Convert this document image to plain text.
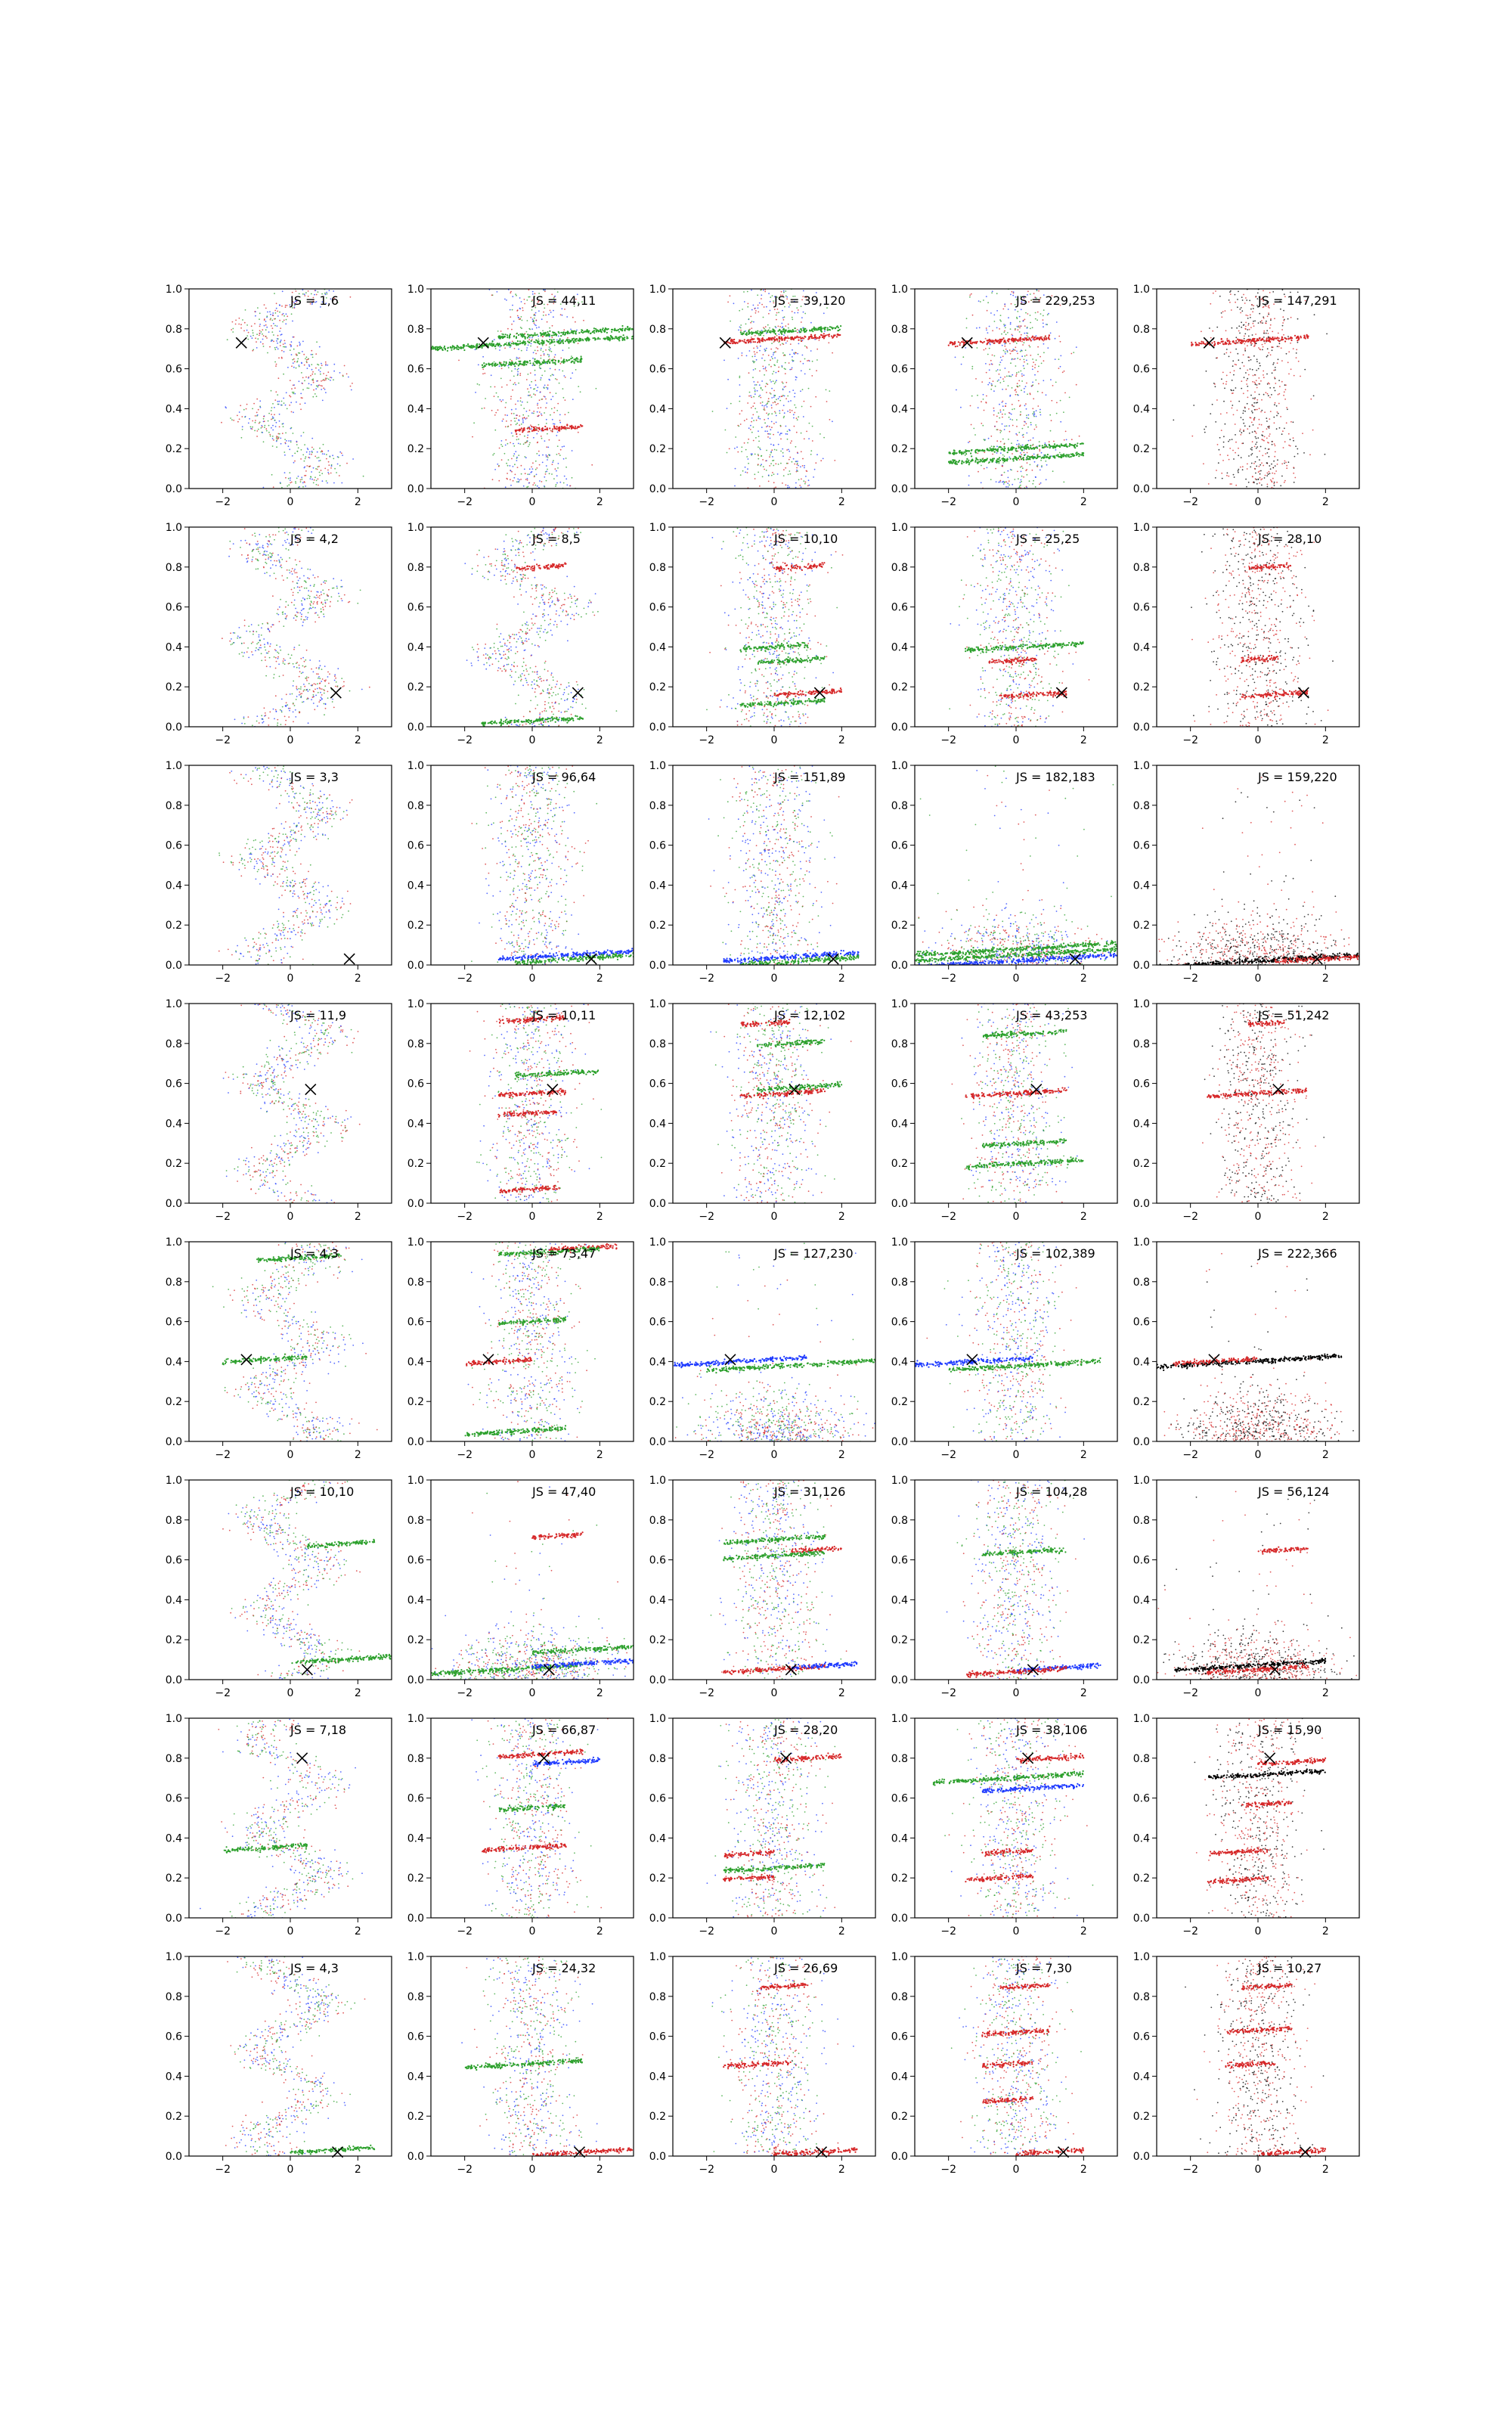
−2	0	2
0.0
0.2
0.4
0.6
0.8
1.0
JS = 1,6
−2	0	2
0.0
0.2
0.4
0.6
0.8
1.0
JS = 44,11
−2	0	2
0.0
0.2
0.4
0.6
0.8
1.0
JS = 39,120
−2	0	2
0.0
0.2
0.4
0.6
0.8
1.0
JS = 229,253
−2	0	2
0.0
0.2
0.4
0.6
0.8
1.0
JS = 147,291
−2	0	2
0.0
0.2
0.4
0.6
0.8
1.0
JS = 4,2
−2	0	2
0.0
0.2
0.4
0.6
0.8
1.0
JS = 8,5
−2	0	2
0.0
0.2
0.4
0.6
0.8
1.0
JS = 10,10
−2	0	2
0.0
0.2
0.4
0.6
0.8
1.0
JS = 25,25
−2	0	2
0.0
0.2
0.4
0.6
0.8
1.0
JS = 28,10
−2	0	2
0.0
0.2
0.4
0.6
0.8
1.0
JS = 3,3
−2	0	2
0.0
0.2
0.4
0.6
0.8
1.0
JS = 96,64
−2	0	2
0.0
0.2
0.4
0.6
0.8
1.0
JS = 151,89
−2	0	2
0.0
0.2
0.4
0.6
0.8
1.0
JS = 182,183
−2	0	2
0.0
0.2
0.4
0.6
0.8
1.0
JS = 159,220
−2	0	2
0.0
0.2
0.4
0.6
0.8
1.0
JS = 11,9
−2	0	2
0.0
0.2
0.4
0.6
0.8
1.0
JS = 10,11
−2	0	2
0.0
0.2
0.4
0.6
0.8
1.0
JS = 12,102
−2	0	2
0.0
0.2
0.4
0.6
0.8
1.0
JS = 43,253
−2	0	2
0.0
0.2
0.4
0.6
0.8
1.0
JS = 51,242
−2	0	2
0.0
0.2
0.4
0.6
0.8
1.0
JS = 4,3
−2	0	2
0.0
0.2
0.4
0.6
0.8
1.0
JS = 73,47
−2	0	2
0.0
0.2
0.4
0.6
0.8
1.0
JS = 127,230
−2	0	2
0.0
0.2
0.4
0.6
0.8
1.0
JS = 102,389
−2	0	2
0.0
0.2
0.4
0.6
0.8
1.0
JS = 222,366
−2	0	2
0.0
0.2
0.4
0.6
0.8
1.0
JS = 10,10
−2	0	2
0.0
0.2
0.4
0.6
0.8
1.0
JS = 47,40
−2	0	2
0.0
0.2
0.4
0.6
0.8
1.0
JS = 31,126
−2	0	2
0.0
0.2
0.4
0.6
0.8
1.0
JS = 104,28
−2	0	2
0.0
0.2
0.4
0.6
0.8
1.0
JS = 56,124
−2	0	2
0.0
0.2
0.4
0.6
0.8
1.0
JS = 7,18
−2	0	2
0.0
0.2
0.4
0.6
0.8
1.0
JS = 66,87
−2	0	2
0.0
0.2
0.4
0.6
0.8
1.0
JS = 28,20
−2	0	2
0.0
0.2
0.4
0.6
0.8
1.0
JS = 38,106
−2	0	2
0.0
0.2
0.4
0.6
0.8
1.0
JS = 15,90
−2	0	2
0.0
0.2
0.4
0.6
0.8
1.0
JS = 4,3
−2	0	2
0.0
0.2
0.4
0.6
0.8
1.0
JS = 24,32
−2	0	2
0.0
0.2
0.4
0.6
0.8
1.0
JS = 26,69
−2	0	2
0.0
0.2
0.4
0.6
0.8
1.0
JS = 7,30
−2	0	2
0.0
0.2
0.4
0.6
0.8
1.0
JS = 10,27
